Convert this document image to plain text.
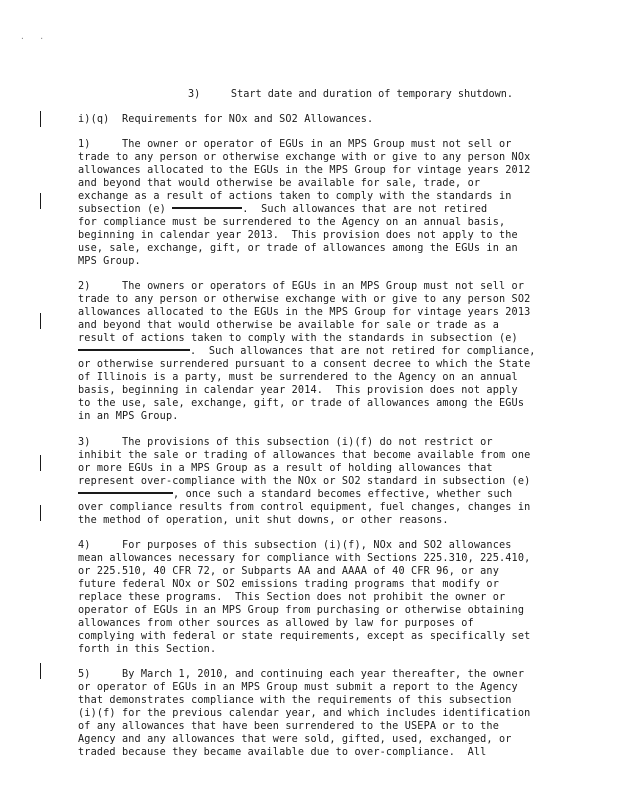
.   .
3)     Start date and duration of temporary shutdown.
i)(q)  Requirements for NOx and SO2 Allowances.
1)     The owner or operator of EGUs in an MPS Group must not sell or
trade to any person or otherwise exchange with or give to any person NOx
allowances allocated to the EGUs in the MPS Group for vintage years 2012
and beyond that would otherwise be available for sale, trade, or
exchange as a result of actions taken to comply with the standards in
subsection (e)	.  Such allowances that are not retired
for compliance must be surrendered to the Agency on an annual basis,
beginning in calendar year 2013.  This provision does not apply to the
use, sale, exchange, gift, or trade of allowances among the EGUs in an
MPS Group.
2)     The owners or operators of EGUs in an MPS Group must not sell or
trade to any person or otherwise exchange with or give to any person SO2
allowances allocated to the EGUs in the MPS Group for vintage years 2013
and beyond that would otherwise be available for sale or trade as a
result of actions taken to comply with the standards in subsection (e)
.  Such allowances that are not retired for compliance,
or otherwise surrendered pursuant to a consent decree to which the State
of Illinois is a party, must be surrendered to the Agency on an annual
basis, beginning in calendar year 2014.  This provision does not apply
to the use, sale, exchange, gift, or trade of allowances among the EGUs
in an MPS Group.
3)     The provisions of this subsection (i)(f) do not restrict or
inhibit the sale or trading of allowances that become available from one
or more EGUs in a MPS Group as a result of holding allowances that
represent over-compliance with the NOx or SO2 standard in subsection (e)
, once such a standard becomes effective, whether such
over compliance results from control equipment, fuel changes, changes in
the method of operation, unit shut downs, or other reasons.
4)     For purposes of this subsection (i)(f), NOx and SO2 allowances
mean allowances necessary for compliance with Sections 225.310, 225.410,
or 225.510, 40 CFR 72, or Subparts AA and AAAA of 40 CFR 96, or any
future federal NOx or SO2 emissions trading programs that modify or
replace these programs.  This Section does not prohibit the owner or
operator of EGUs in an MPS Group from purchasing or otherwise obtaining
allowances from other sources as allowed by law for purposes of
complying with federal or state requirements, except as specifically set
forth in this Section.
5)     By March 1, 2010, and continuing each year thereafter, the owner
or operator of EGUs in an MPS Group must submit a report to the Agency
that demonstrates compliance with the requirements of this subsection
(i)(f) for the previous calendar year, and which includes identification
of any allowances that have been surrendered to the USEPA or to the
Agency and any allowances that were sold, gifted, used, exchanged, or
traded because they became available due to over-compliance.  All
